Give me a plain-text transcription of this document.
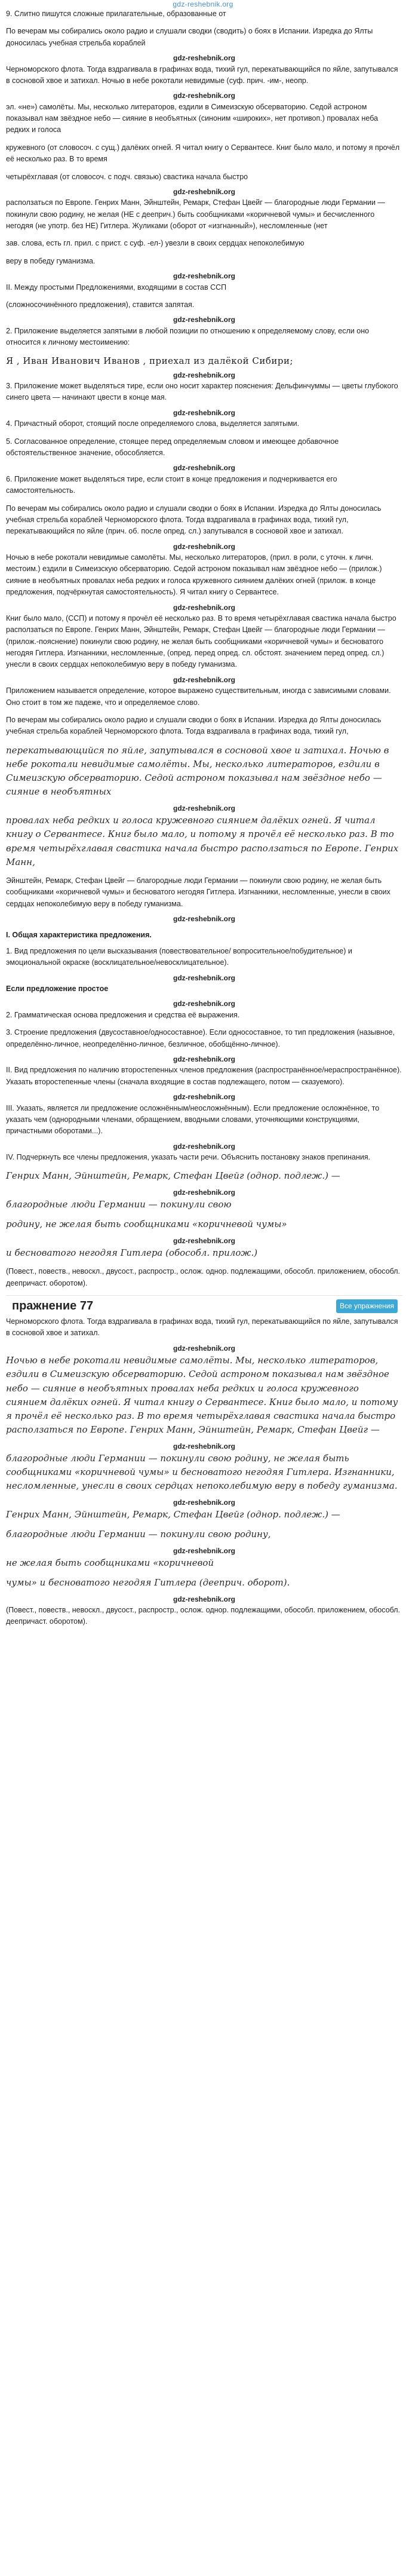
gdz-reshebnik.org

9. Слитно пишутся сложные прилагательные, образованные от

По вечерам мы собирались около радио и слушали сводки (сводить) о боях в Испании. Изредка до Ялты доносилась учебная стрельба кораблей

gdz-reshebnik.org

Черноморского флота. Тогда вздрагивала в графинах вода, тихий гул, перекатывающийся по яйле, запутывался в сосновой хвое и затихал. Ночью в небе рокотали невидимые (суф. прич. -им-, неопр.

gdz-reshebnik.org

эл. «не») самолёты. Мы, несколько литераторов, ездили в Симеизскую обсерваторию. Седой астроном показывал нам звёздное небо — сияние в необъятных (синоним «широких», нет противоп.) провалах неба редких и голоса

кружевного (от словосоч. с сущ.) далёких огней. Я читал книгу о Сервантесе. Книг было мало, и потому я прочёл её несколько раз. В то время

четырёхглавая (от словосоч. с подч. связью) свастика начала быстро

gdz-reshebnik.org

расползаться по Европе. Генрих Манн, Эйнштейн, Ремарк, Стефан Цвейг — благородные люди Германии — покинули свою родину, не желая (НЕ с дееприч.) быть сообщниками «коричневой чумы» и бесчисленного негодяя (не употр. без НЕ) Гитлера. Жуликами (оборот от «изгнанный»), несломленные (нет

зав. слова, есть гл. прил. с прист. с суф. -ел-) увезли в своих сердцах непоколебимую

веру в победу гуманизма.

gdz-reshebnik.org

II. Между простыми Предложениями, входящими в состав ССП

(сложносочинённого предложения), ставится запятая.

gdz-reshebnik.org

2. Приложение выделяется запятыми в любой позиции по отношению к определяемому слову, если оно относится к личному местоимению:

Я , Иван Иванович Иванов , приехал из далёкой Сибири;
gdz-reshebnik.org

3. Приложение может выделяться тире, если оно носит характер пояснения: Дельфинчуммы — цветы глубокого синего цвета — начинают цвести в конце мая.

gdz-reshebnik.org

4. Причастный оборот, стоящий после определяемого слова, выделяется запятыми.

5. Согласованное определение, стоящее перед определяемым словом и имеющее добавочное обстоятельственное значение, обособляется.

gdz-reshebnik.org

6. Приложение может выделяться тире, если стоит в конце предложения и подчеркивается его самостоятельность.

По вечерам мы собирались около радио и слушали сводки о боях в Испании. Изредка до Ялты доносилась учебная стрельба кораблей Черноморского флота. Тогда вздрагивала в графинах вода, тихий гул, перекатывающийся по яйле (прич. об. после опред. сл.) запутывался в сосновой хвое и затихал.

gdz-reshebnik.org

Ночью в небе рокотали невидимые самолёты. Мы, несколько литераторов, (прил. в роли, с уточн. к личн. местоим.) ездили в Симеизскую обсерваторию. Седой астроном показывал нам звёздное небо — (прилож.) сияние в необъятных провалах неба редких и голоса кружевного сиянием далёких огней (прилож. в конце предложения, подчёркнутая самостоятельность). Я читал книгу о Сервантесе.

gdz-reshebnik.org

Книг было мало, (ССП) и потому я прочёл её несколько раз. В то время четырёхглавая свастика начала быстро расползаться по Европе. Генрих Манн, Эйнштейн, Ремарк, Стефан Цвейг — благородные люди Германии — (прилож.-пояснение) покинули свою родину, не желая быть сообщниками «коричневой чумы» и бесноватого негодяя Гитлера. Изгнанники, несломленные, (опред. перед опред. сл. обстоят. значением перед опред. сл.) унесли в своих сердцах непоколебимую веру в победу гуманизма.

gdz-reshebnik.org

Приложением называется определение, которое выражено существительным, иногда с зависимыми словами. Оно стоит в том же падеже, что и определяемое слово.

По вечерам мы собирались около радио и слушали сводки о боях в Испании. Изредка до Ялты доносилась учебная стрельба кораблей Черноморского флота. Тогда вздрагивала в графинах вода, тихий гул,

перекатывающийся по яйле, запутывался в сосновой хвое и затихал. Ночью в небе рокотали невидимые самолёты. Мы, несколько литераторов, ездили в Симеизскую обсерваторию. Седой астроном показывал нам звёздное небо — сияние в необъятных

gdz-reshebnik.org

провалах неба редких и голоса кружевного сиянием далёких огней. Я читал книгу о Сервантесе. Книг было мало, и потому я прочёл её несколько раз. В то время четырёхглавая свастика начала быстро расползаться по Европе. Генрих Манн,

Эйнштейн, Ремарк, Стефан Цвейг — благородные люди Германии — покинули свою родину, не желая быть сообщниками «коричневой чумы» и бесноватого негодяя Гитлера. Изгнанники, несломленные, унесли в своих сердцах непоколебимую веру в победу гуманизма.

gdz-reshebnik.org
I. Общая характеристика предложения.

1. Вид предложения по цели высказывания (повествовательное/ вопросительное/побудительное) и эмоциональной окраске (восклицательное/невосклицательное).

gdz-reshebnik.org

Если предложение простое

gdz-reshebnik.org

2. Грамматическая основа предложения и средства её выражения.

3. Строение предложения (двусоставное/односоставное). Если односоставное, то тип предложения (назывное, определённо-личное, неопределённо-личное, безличное, обобщённо-личное).

gdz-reshebnik.org

II. Вид предложения по наличию второстепенных членов предложения (распространённое/нераспространённое). Указать второстепенные члены (сначала входящие в состав подлежащего, потом — сказуемого).

gdz-reshebnik.org

III. Указать, является ли предложение осложнённым/неосложнённым). Если предложение осложнённое, то указать чем (однородными членами, обращением, вводными словами, уточняющими конструкциями, причастными оборотами...).

gdz-reshebnik.org

IV. Подчеркнуть все члены предложения, указать части речи. Объяснить постановку знаков препинания.

Генрих Манн, Эйнштейн, Ремарк, Стефан Цвейг (однор. подлеж.) —

gdz-reshebnik.org

благородные люди Германии — покинули свою

родину, не желая быть сообщниками «коричневой чумы»

gdz-reshebnik.org

и бесноватого негодяя Гитлера (обособл. прилож.)

(Повест., повеств., невоскл., двусост., распростр., ослож. однор. подлежащими, обособл. приложением, обособл. деепричаст. оборотом).

пражнение 77	Все упражнения

Черноморского флота. Тогда вздрагивала в графинах вода, тихий гул, перекатывающийся по яйле, запутывался в сосновой хвое и затихал.

gdz-reshebnik.org

Ночью в небе рокотали невидимые самолёты. Мы, несколько литераторов, ездили в Симеизскую обсерваторию. Седой астроном показывал нам звёздное небо — сияние в необъятных провалах неба редких и голоса кружевного сиянием далёких огней. Я читал книгу о Сервантесе. Книг было мало, и потому я прочёл её несколько раз. В то время четырёхглавая свастика начала быстро расползаться по Европе. Генрих Манн, Эйнштейн, Ремарк, Стефан Цвейг —

gdz-reshebnik.org

благородные люди Германии — покинули свою родину, не желая быть сообщниками «коричневой чумы» и бесноватого негодяя Гитлера. Изгнанники, несломленные, унесли в своих сердцах непоколебимую веру в победу гуманизма.

gdz-reshebnik.org

Генрих Манн, Эйнштейн, Ремарк, Стефан Цвейг (однор. подлеж.) —

благородные люди Германии — покинули свою родину,

gdz-reshebnik.org

не желая быть сообщниками «коричневой

чумы» и бесноватого негодяя Гитлера (дееприч. оборот).

gdz-reshebnik.org

(Повест., повеств., невоскл., двусост., распростр., ослож. однор. подлежащими, обособл. приложением, обособл. деепричаст. оборотом).
